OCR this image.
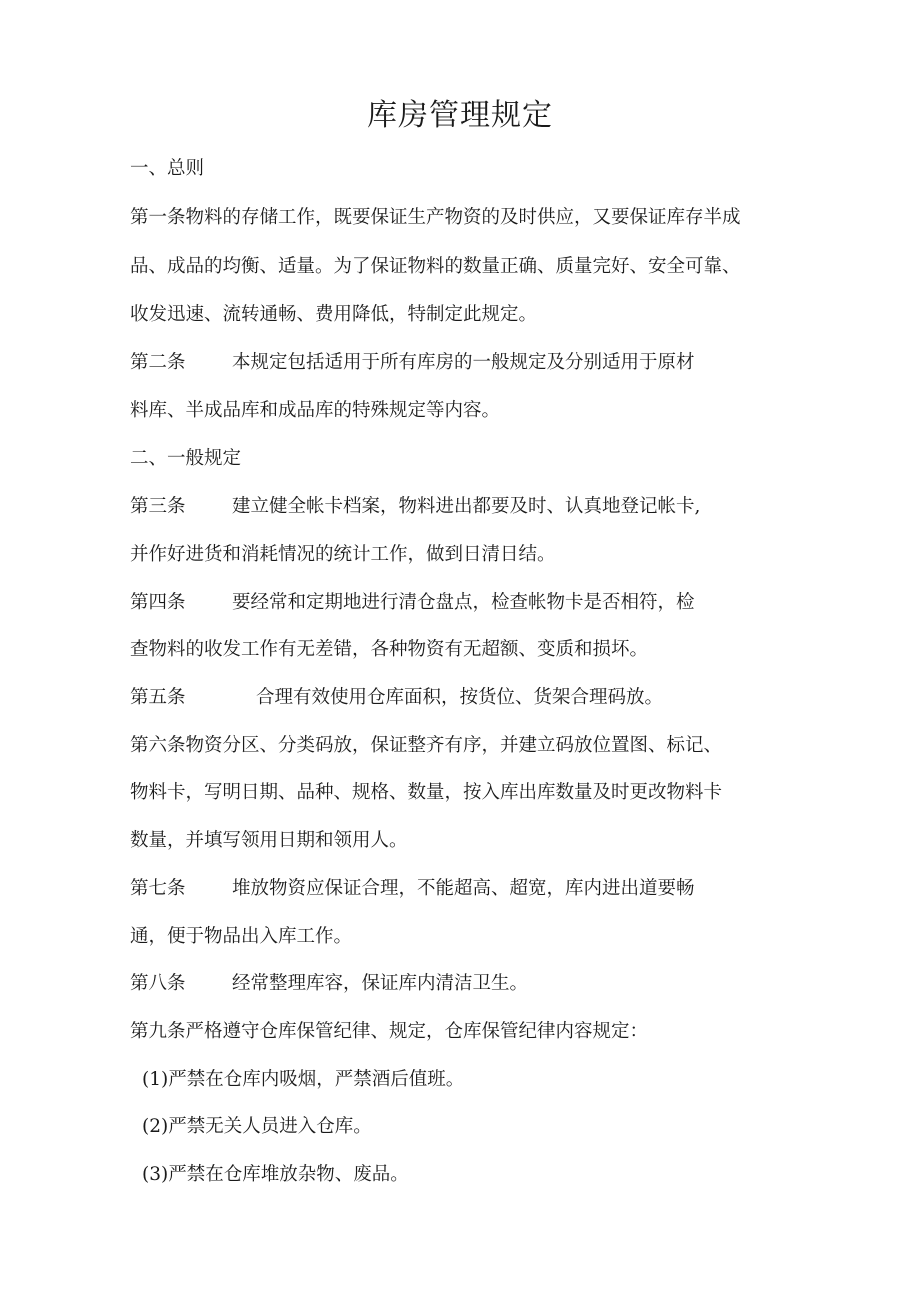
库房管理规定

一、总则

第一条物料的存储工作，既要保证生产物资的及时供应，又要保证库存半成

品、成品的均衡、适量。为了保证物料的数量正确、质量完好、安全可靠、

收发迅速、流转通畅、费用降低，特制定此规定。

第二条	本规定包括适用于所有库房的一般规定及分别适用于原材

料库、半成品库和成品库的特殊规定等内容。

二、一般规定

第三条	建立健全帐卡档案，物料进出都要及时、认真地登记帐卡,

并作好进货和消耗情况的统计工作，做到日清日结。

第四条	要经常和定期地进行清仓盘点，检查帐物卡是否相符，检

查物料的收发工作有无差错，各种物资有无超额、变质和损坏。

第五条	合理有效使用仓库面积，按货位、货架合理码放。

第六条物资分区、分类码放，保证整齐有序，并建立码放位置图、标记、

物料卡，写明日期、品种、规格、数量，按入库出库数量及时更改物料卡

数量，并填写领用日期和领用人。

第七条	堆放物资应保证合理，不能超高、超宽，库内进出道要畅

通，便于物品出入库工作。

第八条	经常整理库容，保证库内清洁卫生。

第九条严格遵守仓库保管纪律、规定，仓库保管纪律内容规定：

(1)严禁在仓库内吸烟，严禁酒后值班。

(2)严禁无关人员进入仓库。

(3)严禁在仓库堆放杂物、废品。
